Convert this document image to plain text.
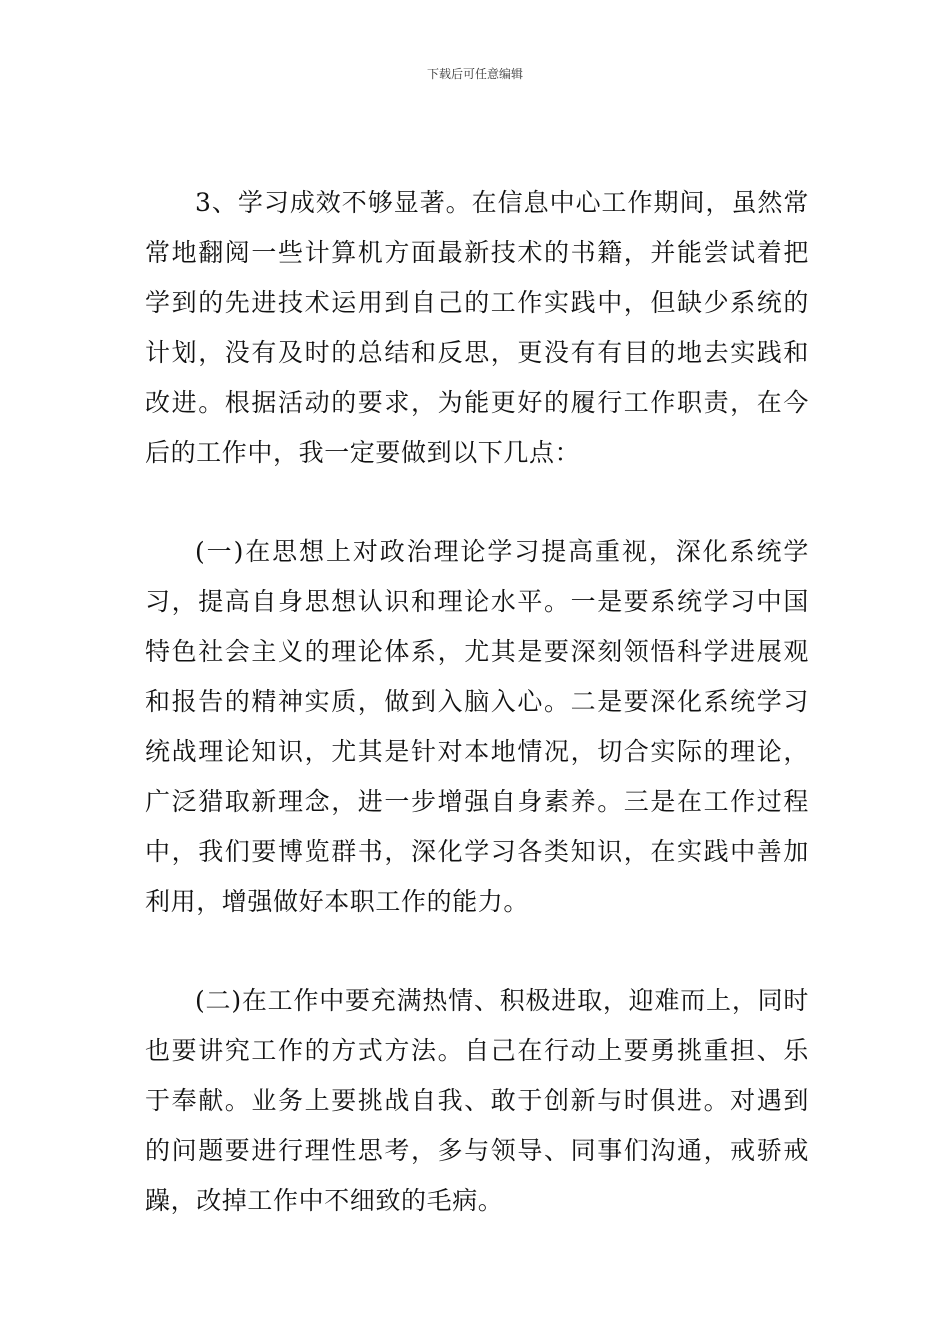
下载后可任意编辑

3、学习成效不够显著。在信息中心工作期间，虽然常常地翻阅一些计算机方面最新技术的书籍，并能尝试着把学到的先进技术运用到自己的工作实践中，但缺少系统的计划，没有及时的总结和反思，更没有有目的地去实践和改进。根据活动的要求，为能更好的履行工作职责，在今后的工作中，我一定要做到以下几点：

(一)在思想上对政治理论学习提高重视，深化系统学习，提高自身思想认识和理论水平。一是要系统学习中国特色社会主义的理论体系，尤其是要深刻领悟科学进展观和报告的精神实质，做到入脑入心。二是要深化系统学习统战理论知识，尤其是针对本地情况，切合实际的理论，广泛猎取新理念，进一步增强自身素养。三是在工作过程中，我们要博览群书，深化学习各类知识，在实践中善加利用，增强做好本职工作的能力。

(二)在工作中要充满热情、积极进取，迎难而上，同时也要讲究工作的方式方法。自己在行动上要勇挑重担、乐于奉献。业务上要挑战自我、敢于创新与时俱进。对遇到的问题要进行理性思考，多与领导、同事们沟通，戒骄戒躁，改掉工作中不细致的毛病。
